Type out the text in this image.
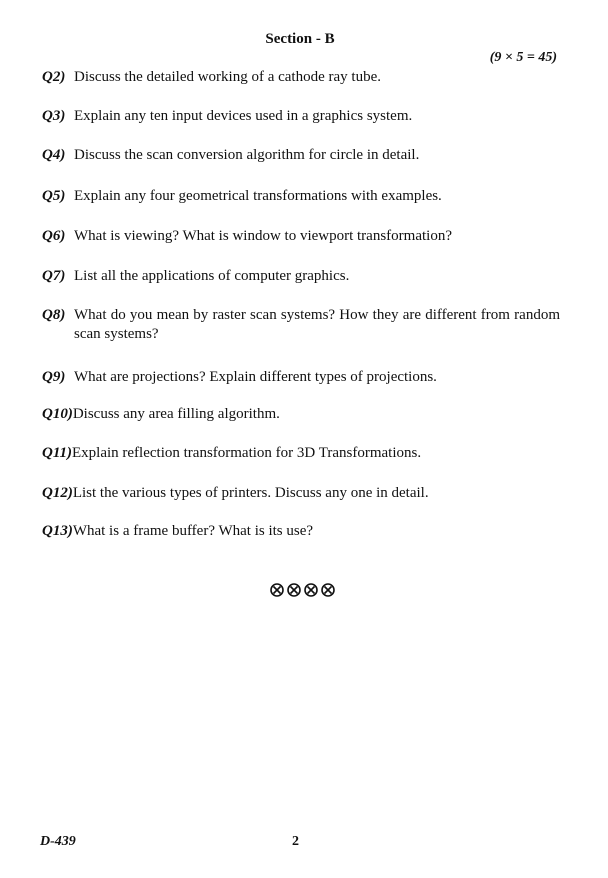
Section - B
(9 × 5 = 45)
Q2) Discuss the detailed working of a cathode ray tube.
Q3) Explain any ten input devices used in a graphics system.
Q4) Discuss the scan conversion algorithm for circle in detail.
Q5) Explain any four geometrical transformations with examples.
Q6) What is viewing? What is window to viewport transformation?
Q7) List all the applications of computer graphics.
Q8) What do you mean by raster scan systems? How they are different from random scan systems?
Q9) What are projections? Explain different types of projections.
Q10)Discuss any area filling algorithm.
Q11)Explain reflection transformation for 3D Transformations.
Q12)List the various types of printers. Discuss any one in detail.
Q13)What is a frame buffer? What is its use?
D-439	2
